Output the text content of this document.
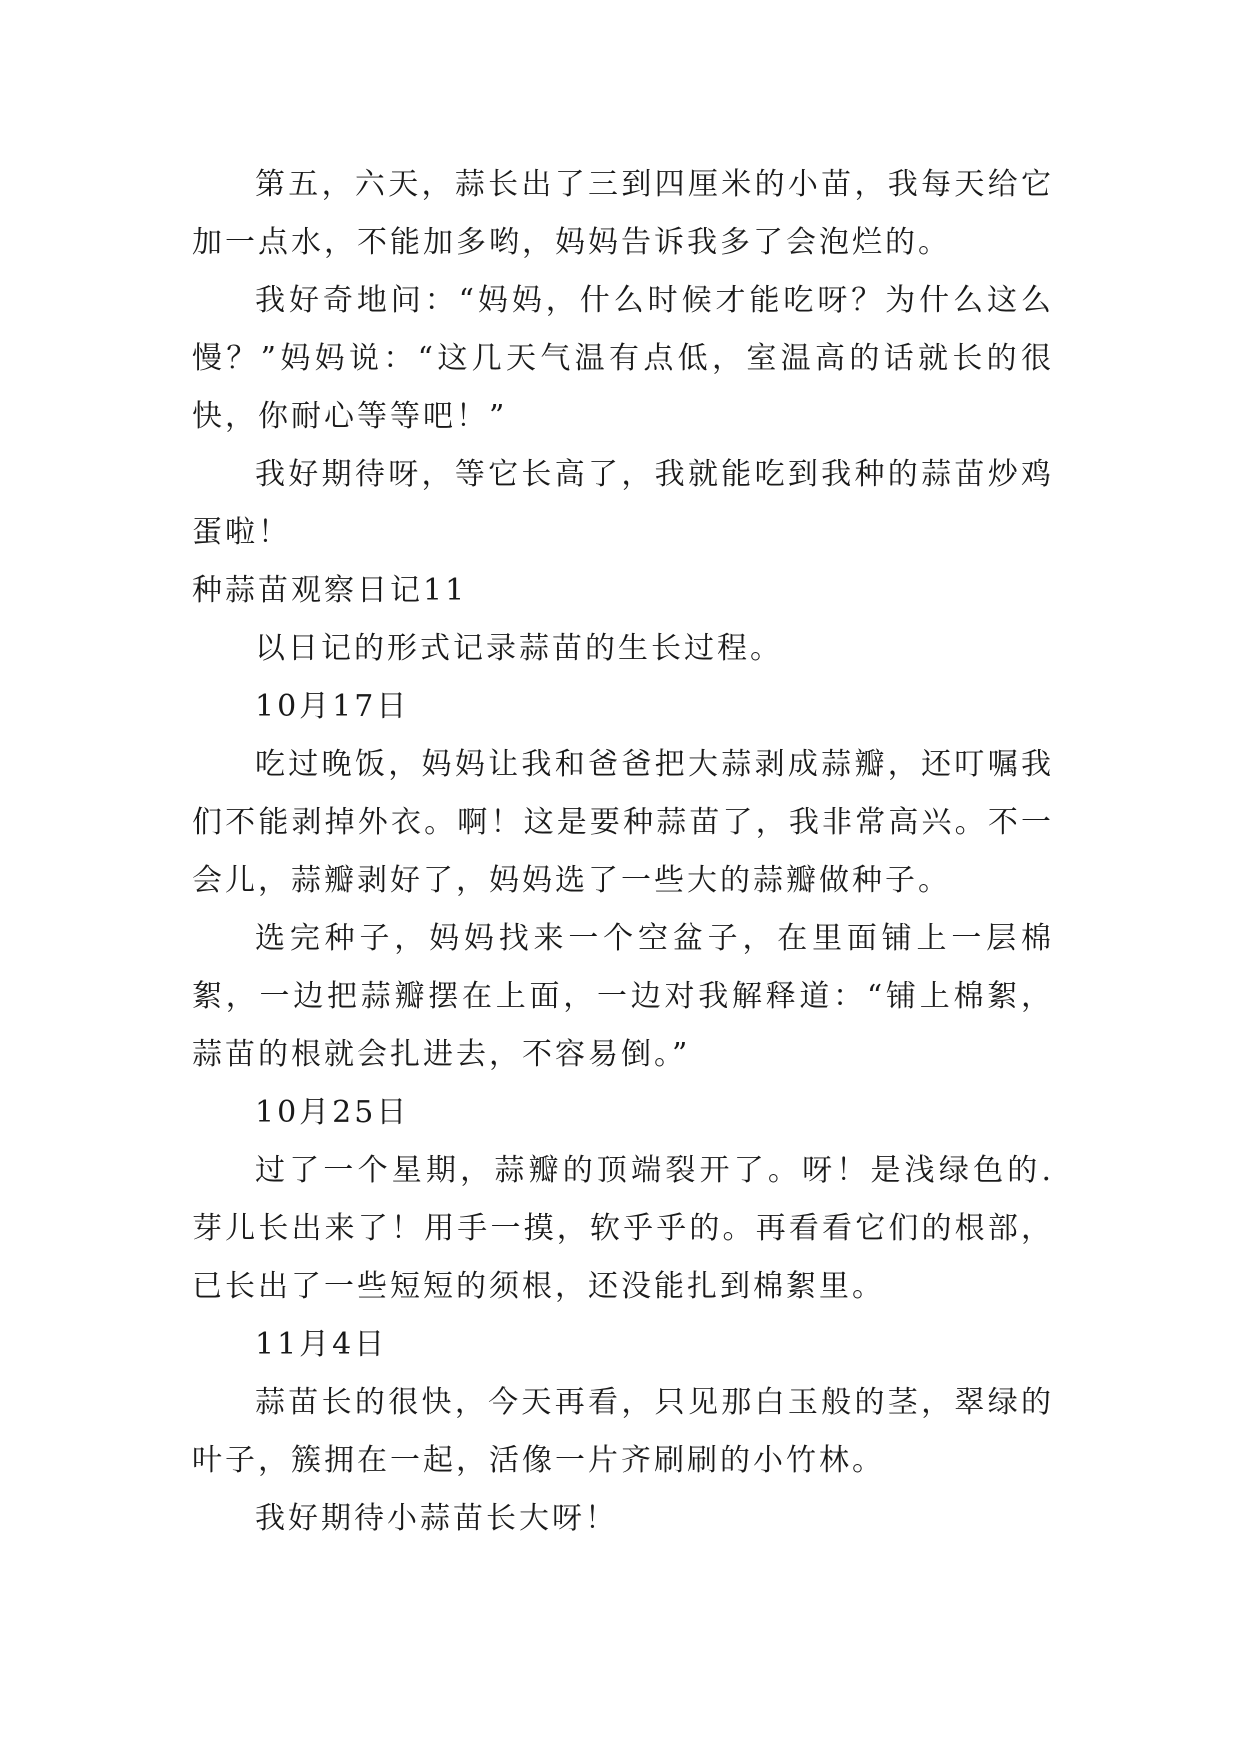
第五，六天，蒜长出了三到四厘米的小苗，我每天给它加一点水，不能加多哟，妈妈告诉我多了会泡烂的。

我好奇地问：“妈妈，什么时候才能吃呀？为什么这么慢？”妈妈说：“这几天气温有点低，室温高的话就长的很快，你耐心等等吧！”

我好期待呀，等它长高了，我就能吃到我种的蒜苗炒鸡蛋啦！

种蒜苗观察日记11

以日记的形式记录蒜苗的生长过程。

10月17日

吃过晚饭，妈妈让我和爸爸把大蒜剥成蒜瓣，还叮嘱我们不能剥掉外衣。啊！这是要种蒜苗了，我非常高兴。不一会儿，蒜瓣剥好了，妈妈选了一些大的蒜瓣做种子。

选完种子，妈妈找来一个空盆子，在里面铺上一层棉絮，一边把蒜瓣摆在上面，一边对我解释道：“铺上棉絮，蒜苗的根就会扎进去，不容易倒。”

10月25日

过了一个星期，蒜瓣的顶端裂开了。呀！是浅绿色的.芽儿长出来了！用手一摸，软乎乎的。再看看它们的根部，已长出了一些短短的须根，还没能扎到棉絮里。

11月4日

蒜苗长的很快，今天再看，只见那白玉般的茎，翠绿的叶子，簇拥在一起，活像一片齐刷刷的小竹林。

我好期待小蒜苗长大呀！
